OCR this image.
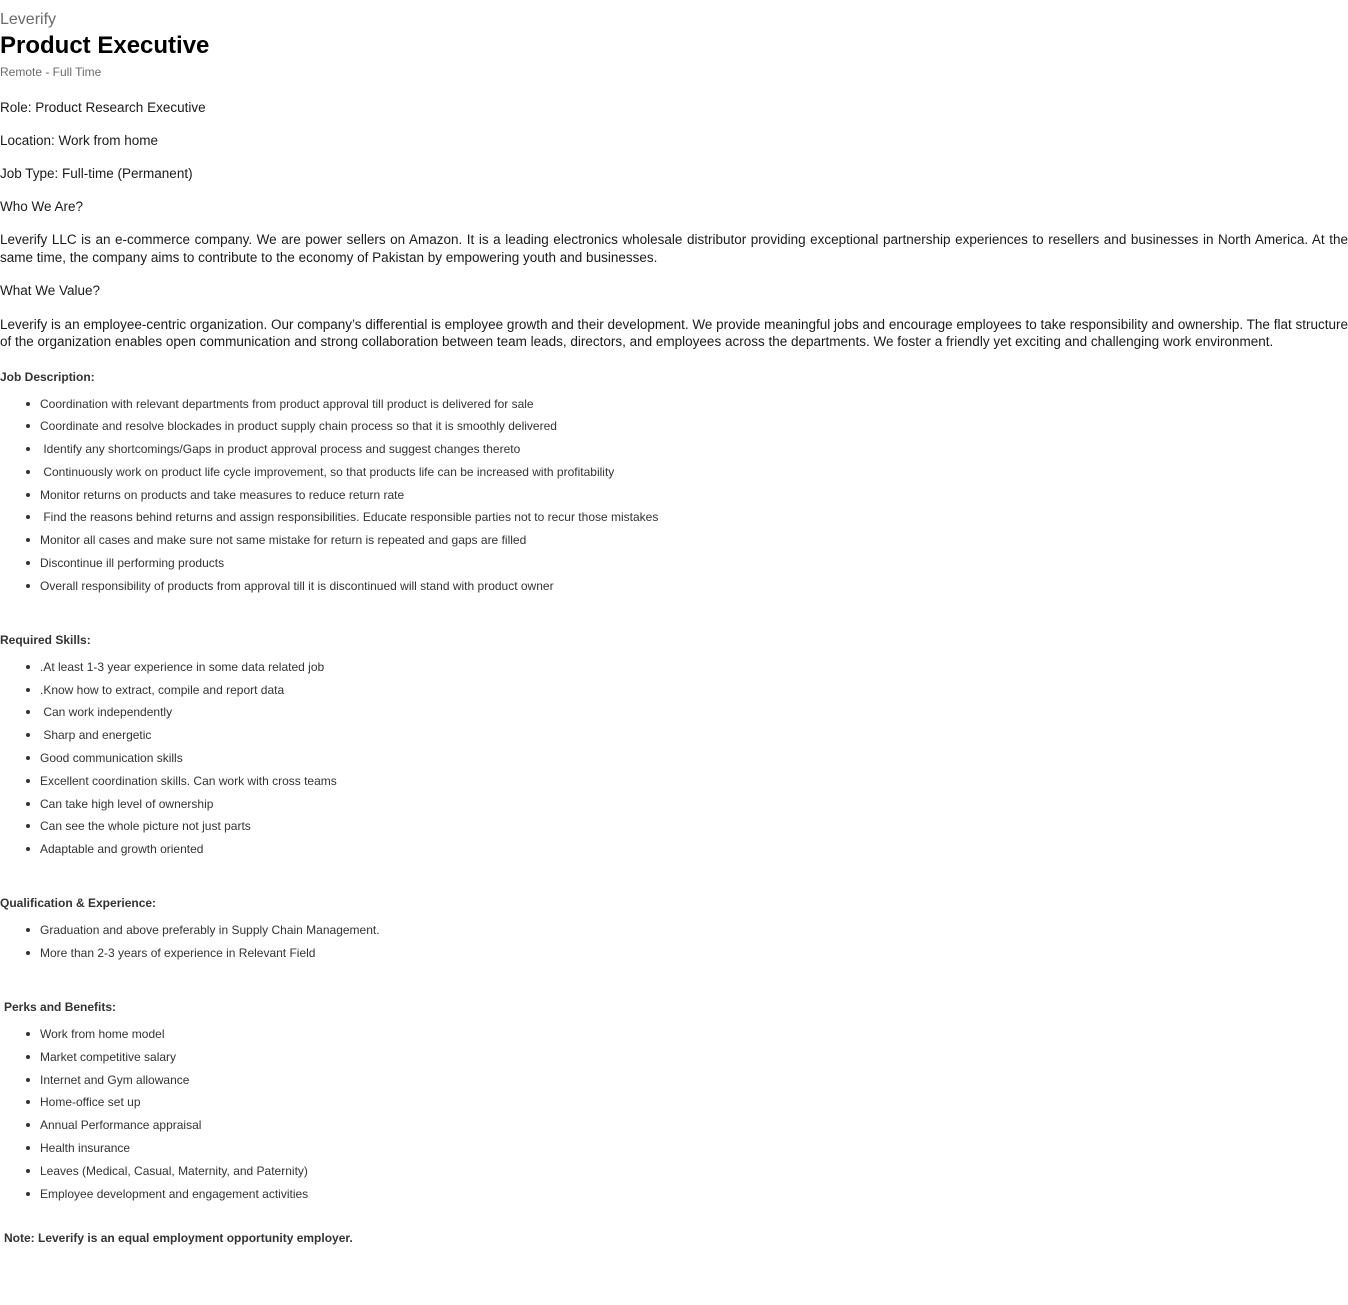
Leverify
Product Executive
Remote - Full Time

Role: Product Research Executive

Location: Work from home

Job Type: Full-time (Permanent)

Who We Are?

Leverify LLC is an e-commerce company. We are power sellers on Amazon. It is a leading electronics wholesale distributor providing exceptional partnership experiences to resellers and businesses in North America. At the same time, the company aims to contribute to the economy of Pakistan by empowering youth and businesses.

What We Value?

Leverify is an employee-centric organization. Our company’s differential is employee growth and their development. We provide meaningful jobs and encourage employees to take responsibility and ownership. The flat structure of the organization enables open communication and strong collaboration between team leads, directors, and employees across the departments. We foster a friendly yet exciting and challenging work environment.

Job Description:
Coordination with relevant departments from product approval till product is delivered for sale
Coordinate and resolve blockades in product supply chain process so that it is smoothly delivered
Identify any shortcomings/Gaps in product approval process and suggest changes thereto
Continuously work on product life cycle improvement, so that products life can be increased with profitability
Monitor returns on products and take measures to reduce return rate
Find the reasons behind returns and assign responsibilities. Educate responsible parties not to recur those mistakes
Monitor all cases and make sure not same mistake for return is repeated and gaps are filled
Discontinue ill performing products
Overall responsibility of products from approval till it is discontinued will stand with product owner
Required Skills:
.At least 1-3 year experience in some data related job
.Know how to extract, compile and report data
Can work independently
Sharp and energetic
Good communication skills
Excellent coordination skills. Can work with cross teams
Can take high level of ownership
Can see the whole picture not just parts
Adaptable and growth oriented
Qualification & Experience:
Graduation and above preferably in Supply Chain Management.
More than 2-3 years of experience in Relevant Field
Perks and Benefits:
Work from home model
Market competitive salary
Internet and Gym allowance
Home-office set up
Annual Performance appraisal
Health insurance
Leaves (Medical, Casual, Maternity, and Paternity)
Employee development and engagement activities

Note: Leverify is an equal employment opportunity employer.
